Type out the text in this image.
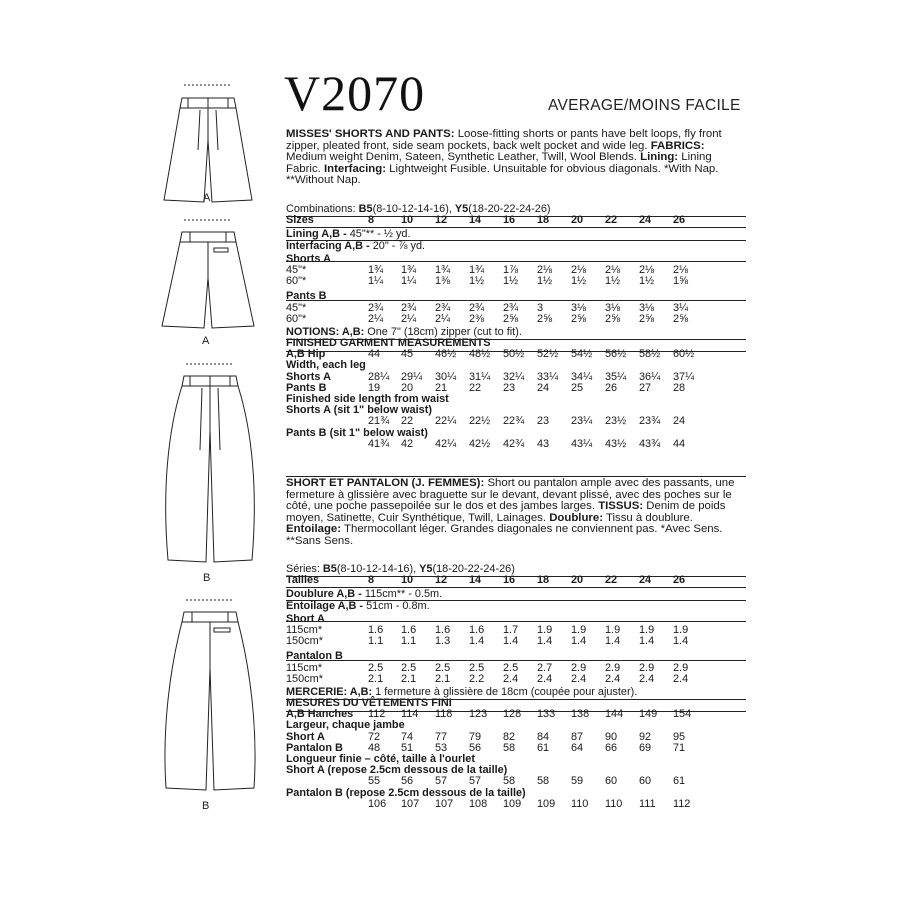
A
A
B
B
V2070	AVERAGE/MOINS FACILE
MISSES' SHORTS AND PANTS: Loose-fitting shorts or pants have belt loops, fly front zipper, pleated front, side seam pockets, back welt pocket and wide leg. FABRICS: Medium weight Denim, Sateen, Synthetic Leather, Twill, Wool Blends. Lining: Lining Fabric. Interfacing: Lightweight Fusible. Unsuitable for obvious diagonals. *With Nap. **Without Nap.
Combinations: B5(8-10-12-14-16), Y5(18-20-22-24-26)
Sizes	8 10 12 14 16 18 20 22 24 26
Lining A,B - 45"** - ½ yd.
Interfacing A,B - 20" - ⅞ yd.
Shorts A
45"*	1¾ 1¾ 1¾ 1¾ 1⅞ 2⅛ 2⅛ 2⅛ 2⅛ 2⅛
60"*	1¼ 1¼ 1⅜ 1½ 1½ 1½ 1½ 1½ 1½ 1⅝
Pants B
45"*	2¾ 2¾ 2¾ 2¾ 2¾ 3	3⅛ 3⅛ 3⅛ 3¼
60"*	2¼ 2¼ 2¼ 2⅜ 2⅝ 2⅝ 2⅝ 2⅝ 2⅝ 2⅝
NOTIONS: A,B: One 7" (18cm) zipper (cut to fit).
FINISHED GARMENT MEASUREMENTS
A,B Hip	44 45 46½ 48½ 50½ 52½ 54½ 56½ 58½ 60½
Width, each leg
Shorts A	28¼ 29¼ 30¼ 31¼ 32¼ 33¼ 34¼ 35¼ 36¼ 37¼
Pants B	19 20 21 22 23 24 25 26 27 28
Finished side length from waist
Shorts A (sit 1" below waist)
21¾ 22 22¼ 22½ 22¾ 23 23¼ 23½ 23¾ 24
Pants B (sit 1" below waist)
41¾ 42 42¼ 42½ 42¾ 43 43¼ 43½ 43¾ 44
SHORT ET PANTALON (J. FEMMES): Short ou pantalon ample avec des passants, une fermeture à glissière avec braguette sur le devant, devant plissé, avec des poches sur le côté, une poche passepoilée sur le dos et des jambes larges. TISSUS: Denim de poids moyen, Satinette, Cuir Synthétique, Twill, Lainages. Doublure: Tissu à doublure. Entoilage: Thermocollant léger. Grandes diagonales ne conviennent pas. *Avec Sens. **Sans Sens.
Séries: B5(8-10-12-14-16), Y5(18-20-22-24-26)
Tailles	8 10 12 14 16 18 20 22 24 26
Doublure A,B - 115cm** - 0.5m.
Entoilage A,B - 51cm - 0.8m.
Short A
115cm*	1.6 1.6 1.6 1.6 1.7 1.9 1.9 1.9 1.9 1.9
150cm*	1.1 1.1 1.3 1.4 1.4 1.4 1.4 1.4 1.4 1.4
Pantalon B
115cm*	2.5 2.5 2.5 2.5 2.5 2.7 2.9 2.9 2.9 2.9
150cm*	2.1 2.1 2.1 2.2 2.4 2.4 2.4 2.4 2.4 2.4
MERCERIE: A,B: 1 fermeture à glissière de 18cm (coupée pour ajuster).
MESURES DU VÊTEMENTS FINI
A,B Hanches 112 114 118 123 128 133 138 144 149 154
Largeur, chaque jambe
Short A	72 74 77 79 82 84 87 90 92 95
Pantalon B 48 51 53 56 58 61 64 66 69 71
Longueur finie – côté, taille à l'ourlet
Short A (repose 2.5cm dessous de la taille)
55 56 57 57 58 58 59 60 60 61
Pantalon B (repose 2.5cm dessous de la taille)
106 107 107 108 109 109 110 110 111 112
